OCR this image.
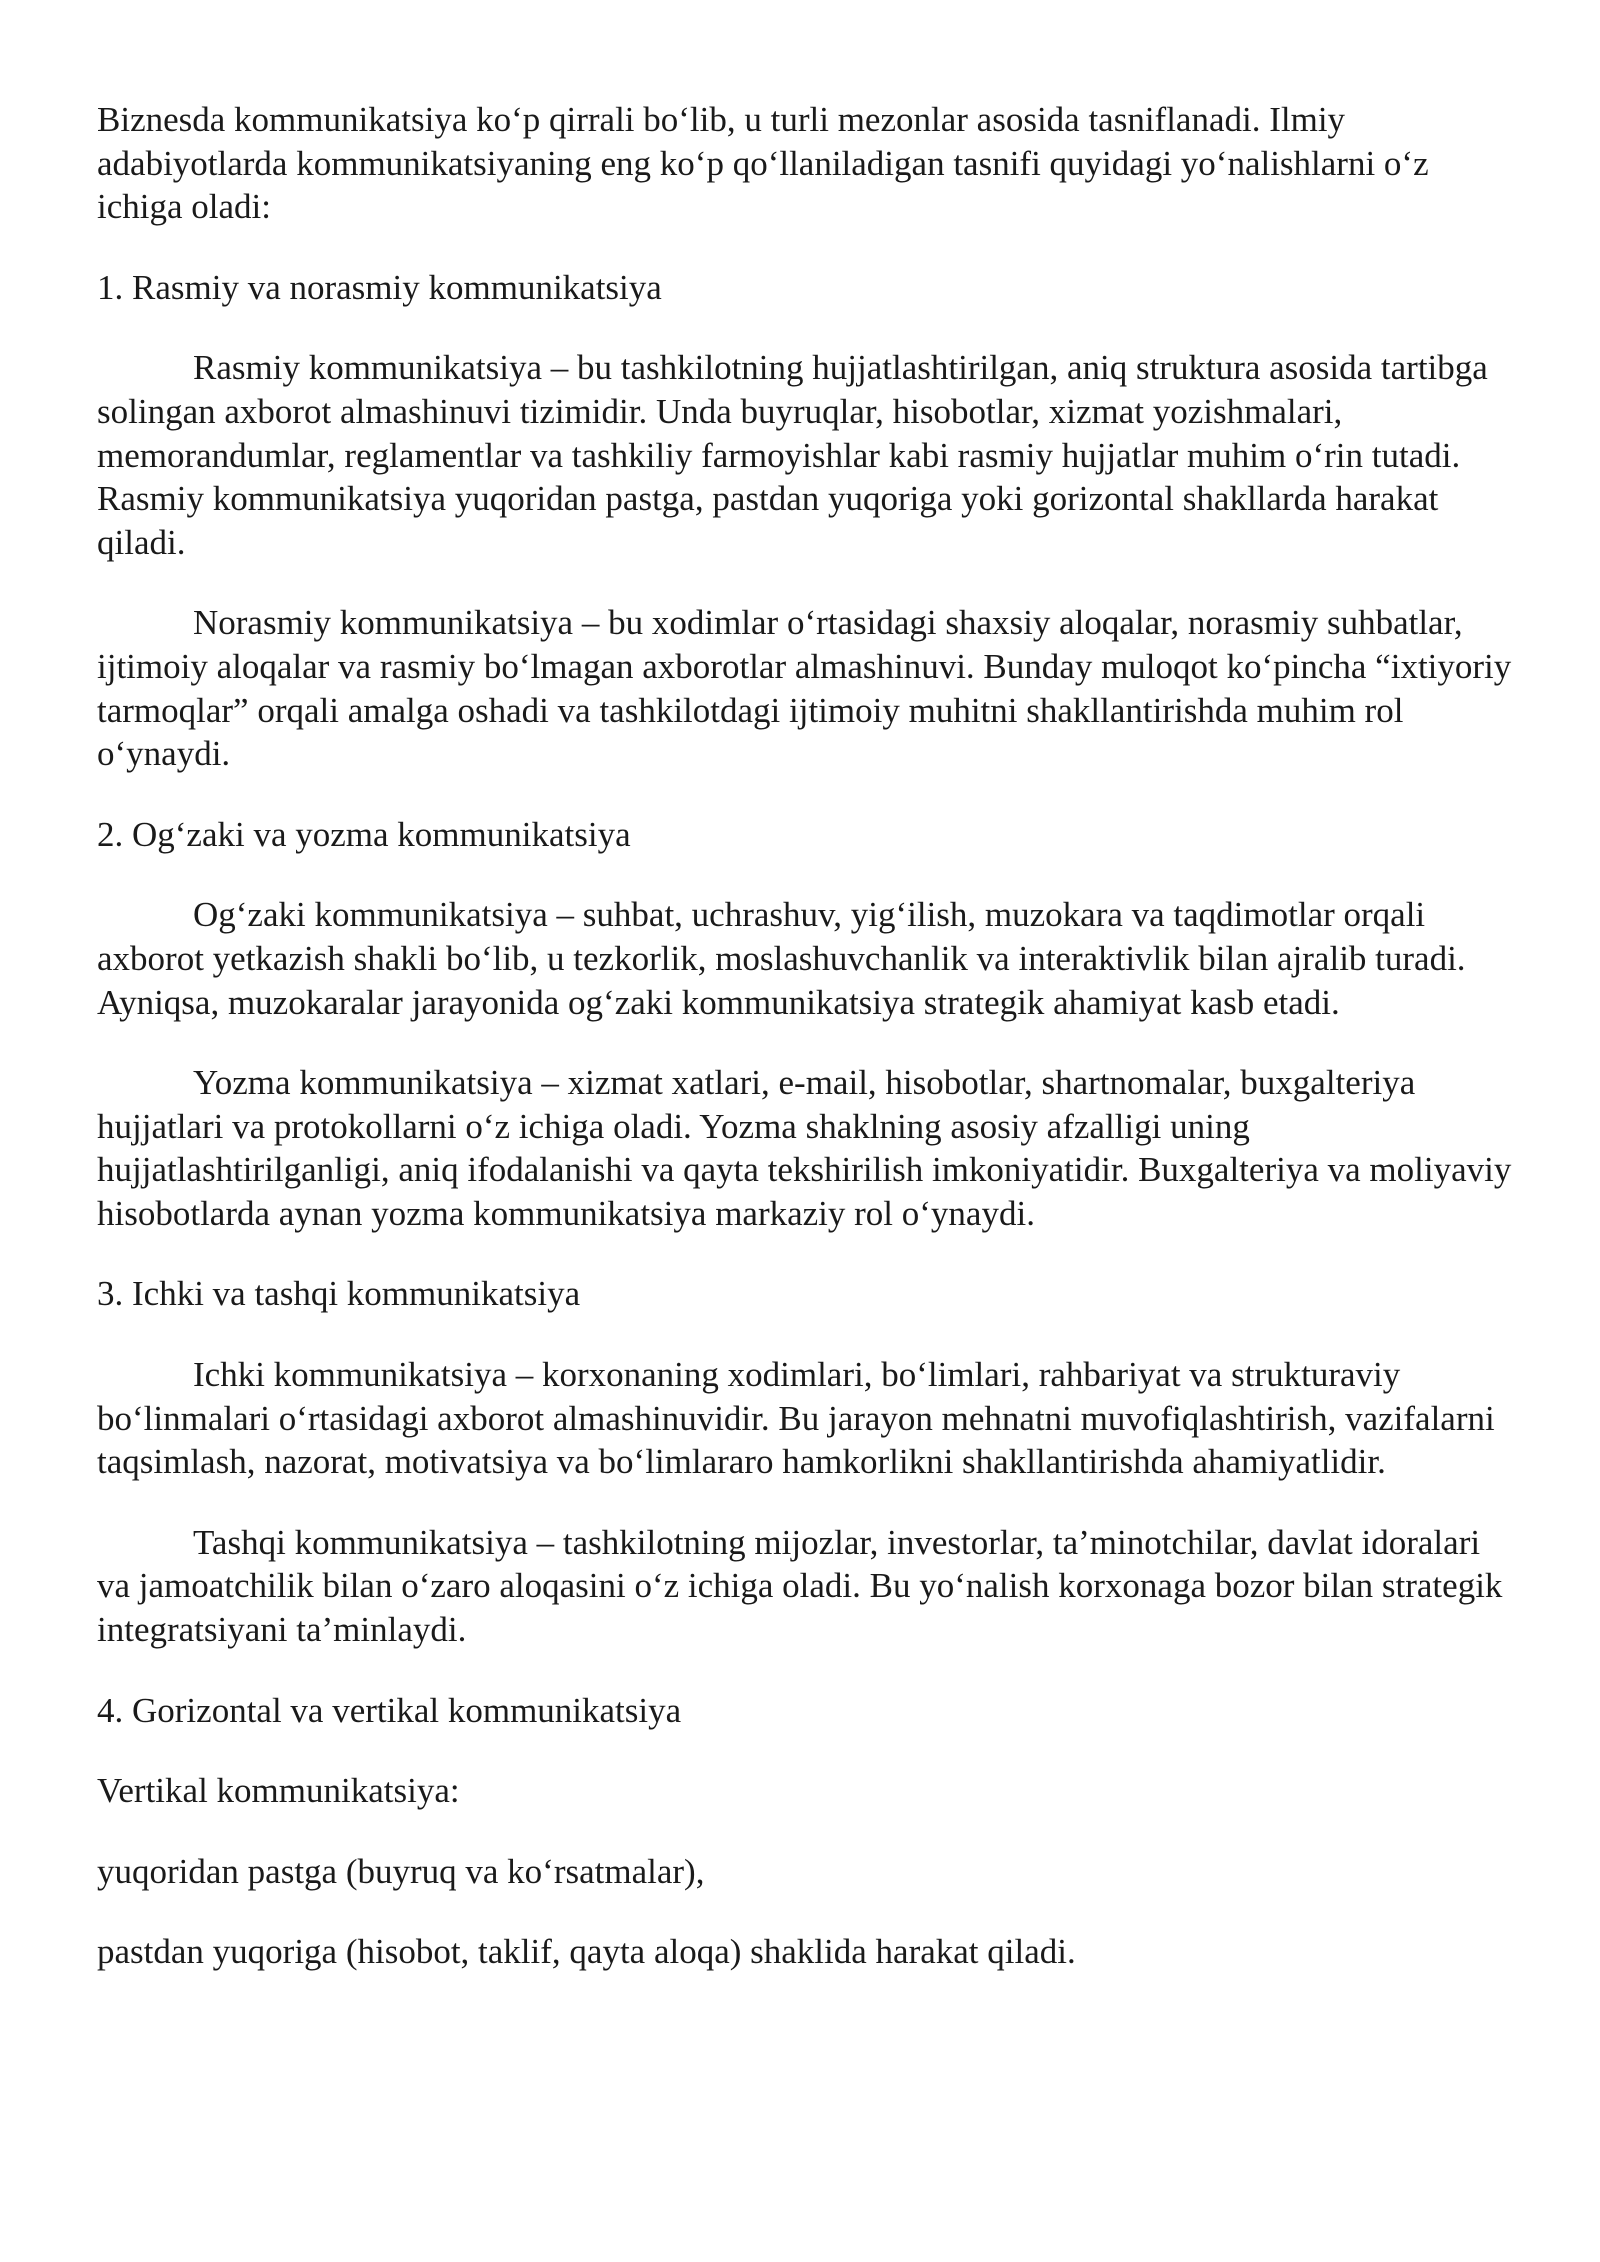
Biznesda kommunikatsiya ko‘p qirrali bo‘lib, u turli mezonlar asosida tasniflanadi. Ilmiy adabiyotlarda kommunikatsiyaning eng ko‘p qo‘llaniladigan tasnifi quyidagi yo‘nalishlarni o‘z ichiga oladi:

1. Rasmiy va norasmiy kommunikatsiya

Rasmiy kommunikatsiya – bu tashkilotning hujjatlashtirilgan, aniq struktura asosida tartibga solingan axborot almashinuvi tizimidir. Unda buyruqlar, hisobotlar, xizmat yozishmalari, memorandumlar, reglamentlar va tashkiliy farmoyishlar kabi rasmiy hujjatlar muhim o‘rin tutadi. Rasmiy kommunikatsiya yuqoridan pastga, pastdan yuqoriga yoki gorizontal shakllarda harakat qiladi.

Norasmiy kommunikatsiya – bu xodimlar o‘rtasidagi shaxsiy aloqalar, norasmiy suhbatlar, ijtimoiy aloqalar va rasmiy bo‘lmagan axborotlar almashinuvi. Bunday muloqot ko‘pincha “ixtiyoriy tarmoqlar” orqali amalga oshadi va tashkilotdagi ijtimoiy muhitni shakllantirishda muhim rol o‘ynaydi.

2. Og‘zaki va yozma kommunikatsiya

Og‘zaki kommunikatsiya – suhbat, uchrashuv, yig‘ilish, muzokara va taqdimotlar orqali axborot yetkazish shakli bo‘lib, u tezkorlik, moslashuvchanlik va interaktivlik bilan ajralib turadi. Ayniqsa, muzokaralar jarayonida og‘zaki kommunikatsiya strategik ahamiyat kasb etadi.

Yozma kommunikatsiya – xizmat xatlari, e-mail, hisobotlar, shartnomalar, buxgalteriya hujjatlari va protokollarni o‘z ichiga oladi. Yozma shaklning asosiy afzalligi uning hujjatlashtirilganligi, aniq ifodalanishi va qayta tekshirilish imkoniyatidir. Buxgalteriya va moliyaviy hisobotlarda aynan yozma kommunikatsiya markaziy rol o‘ynaydi.

3. Ichki va tashqi kommunikatsiya

Ichki kommunikatsiya – korxonaning xodimlari, bo‘limlari, rahbariyat va strukturaviy bo‘linmalari o‘rtasidagi axborot almashinuvidir. Bu jarayon mehnatni muvofiqlashtirish, vazifalarni taqsimlash, nazorat, motivatsiya va bo‘limlararo hamkorlikni shakllantirishda ahamiyatlidir.

Tashqi kommunikatsiya – tashkilotning mijozlar, investorlar, ta’minotchilar, davlat idoralari va jamoatchilik bilan o‘zaro aloqasini o‘z ichiga oladi. Bu yo‘nalish korxonaga bozor bilan strategik integratsiyani ta’minlaydi.

4. Gorizontal va vertikal kommunikatsiya

Vertikal kommunikatsiya:

yuqoridan pastga (buyruq va ko‘rsatmalar),

pastdan yuqoriga (hisobot, taklif, qayta aloqa) shaklida harakat qiladi.
